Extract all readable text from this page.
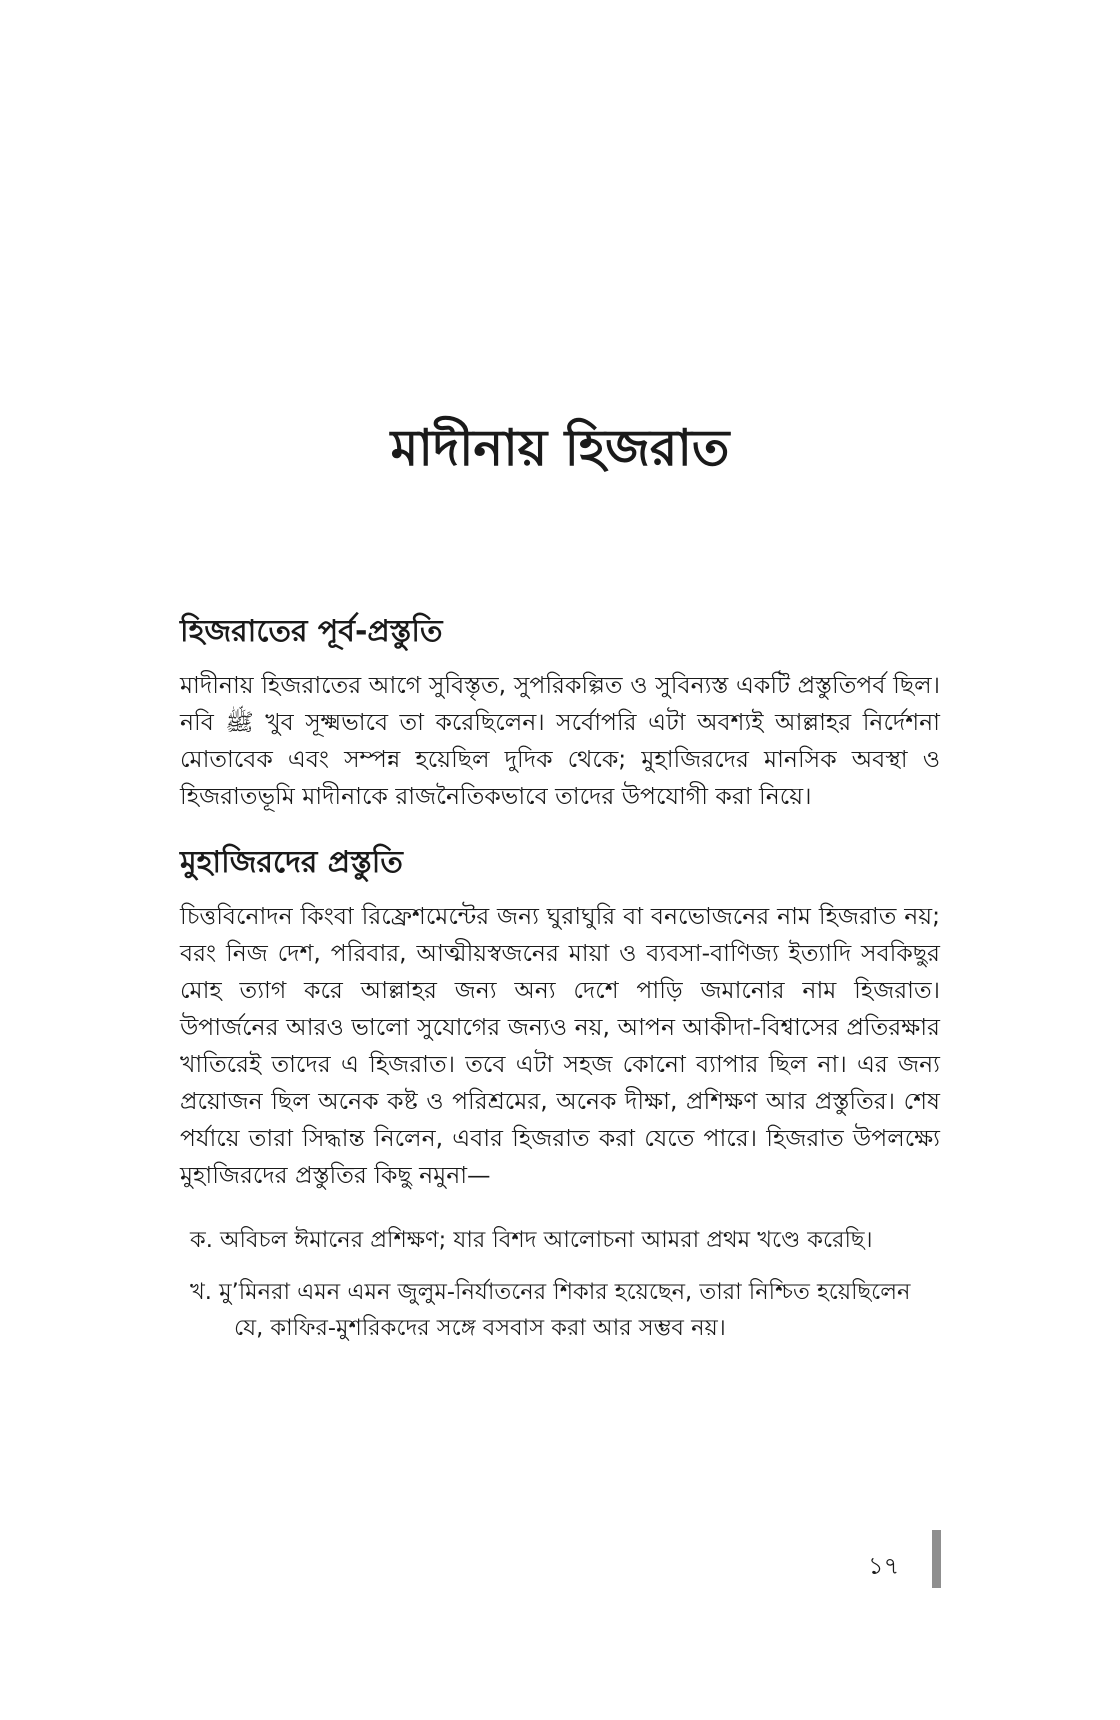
মাদীনায় হিজরাত
হিজরাতের পূর্ব-প্রস্তুতি

মাদীনায় হিজরাতের আগে সুবিস্তৃত, সুপরিকল্পিত ও সুবিন্যস্ত একটি প্রস্তুতিপর্ব ছিল। নবি ﷺ খুব সূক্ষ্মভাবে তা করেছিলেন। সর্বোপরি এটা অবশ্যই আল্লাহর নির্দেশনা মোতাবেক এবং সম্পন্ন হয়েছিল দুদিক থেকে; মুহাজিরদের মানসিক অবস্থা ও হিজরাতভূমি মাদীনাকে রাজনৈতিকভাবে তাদের উপযোগী করা নিয়ে।

মুহাজিরদের প্রস্তুতি

চিত্তবিনোদন কিংবা রিফ্রেশমেন্টের জন্য ঘুরাঘুরি বা বনভোজনের নাম হিজরাত নয়; বরং নিজ দেশ, পরিবার, আত্মীয়স্বজনের মায়া ও ব্যবসা-বাণিজ্য ইত্যাদি সবকিছুর মোহ ত্যাগ করে আল্লাহর জন্য অন্য দেশে পাড়ি জমানোর নাম হিজরাত। উপার্জনের আরও ভালো সুযোগের জন্যও নয়, আপন আকীদা-বিশ্বাসের প্রতিরক্ষার খাতিরেই তাদের এ হিজরাত। তবে এটা সহজ কোনো ব্যাপার ছিল না। এর জন্য প্রয়োজন ছিল অনেক কষ্ট ও পরিশ্রমের, অনেক দীক্ষা, প্রশিক্ষণ আর প্রস্তুতির। শেষ পর্যায়ে তারা সিদ্ধান্ত নিলেন, এবার হিজরাত করা যেতে পারে। হিজরাত উপলক্ষ্যে মুহাজিরদের প্রস্তুতির কিছু নমুনা—

ক. অবিচল ঈমানের প্রশিক্ষণ; যার বিশদ আলোচনা আমরা প্রথম খণ্ডে করেছি।
খ. মু’মিনরা এমন এমন জুলুম-নির্যাতনের শিকার হয়েছেন, তারা নিশ্চিত হয়েছিলেন যে, কাফির-মুশরিকদের সঙ্গে বসবাস করা আর সম্ভব নয়।
১৭
